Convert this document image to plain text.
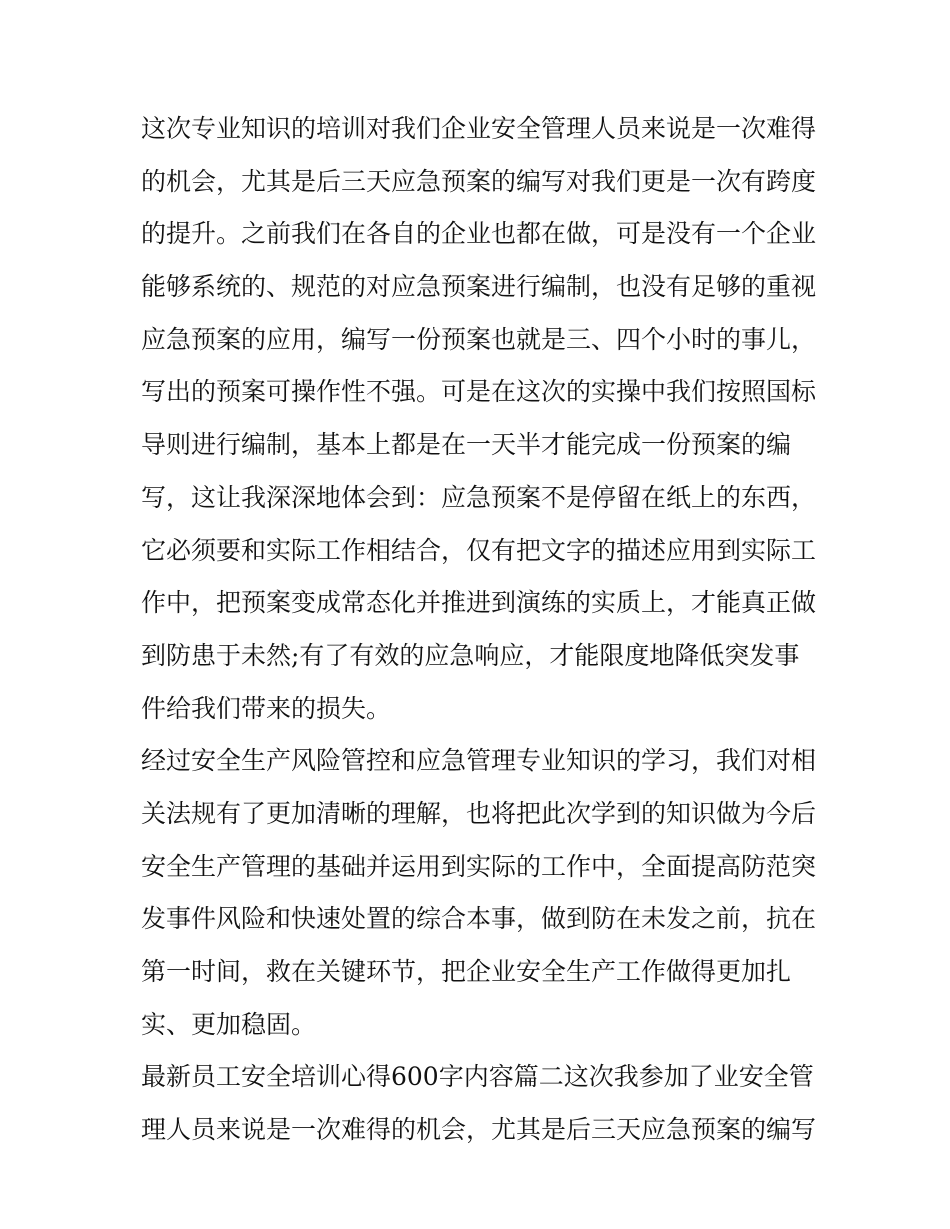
这次专业知识的培训对我们企业安全管理人员来说是一次难得
的机会，尤其是后三天应急预案的编写对我们更是一次有跨度
的提升。之前我们在各自的企业也都在做，可是没有一个企业
能够系统的、规范的对应急预案进行编制，也没有足够的重视
应急预案的应用，编写一份预案也就是三、四个小时的事儿，
写出的预案可操作性不强。可是在这次的实操中我们按照国标
导则进行编制，基本上都是在一天半才能完成一份预案的编
写，这让我深深地体会到：应急预案不是停留在纸上的东西，
它必须要和实际工作相结合，仅有把文字的描述应用到实际工
作中，把预案变成常态化并推进到演练的实质上，才能真正做
到防患于未然;有了有效的应急响应，才能限度地降低突发事
件给我们带来的损失。
经过安全生产风险管控和应急管理专业知识的学习，我们对相
关法规有了更加清晰的理解，也将把此次学到的知识做为今后
安全生产管理的基础并运用到实际的工作中，全面提高防范突
发事件风险和快速处置的综合本事，做到防在未发之前，抗在
第一时间，救在关键环节，把企业安全生产工作做得更加扎
实、更加稳固。
最新员工安全培训心得600字内容篇二这次我参加了业安全管
理人员来说是一次难得的机会，尤其是后三天应急预案的编写
